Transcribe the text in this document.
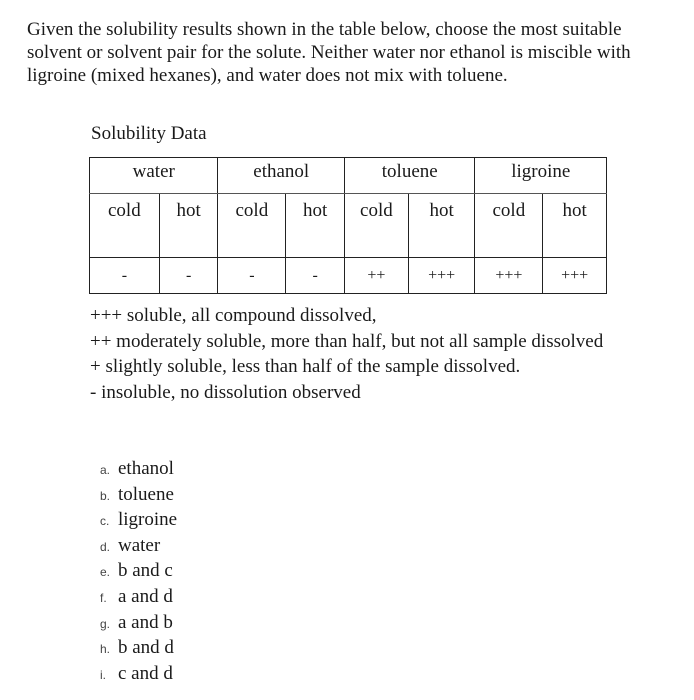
Given the solubility results shown in the table below, choose the most suitable solvent or solvent pair for the solute. Neither water nor ethanol is miscible with ligroine (mixed hexanes), and water does not mix with toluene.

Solubility Data

water		ethanol		toluene		ligroine	
cold	hot	cold	hot	cold	hot	cold	hot
-	-	-	-	++	+++	+++	+++

+++ soluble, all compound dissolved,

++ moderately soluble, more than half, but not all sample dissolved

+ slightly soluble, less than half of the sample dissolved.

- insoluble, no dissolution observed

a. ethanol
b. toluene
c. ligroine
d. water
e. b and c
f. a and d
g. a and b
h. b and d
i. c and d
